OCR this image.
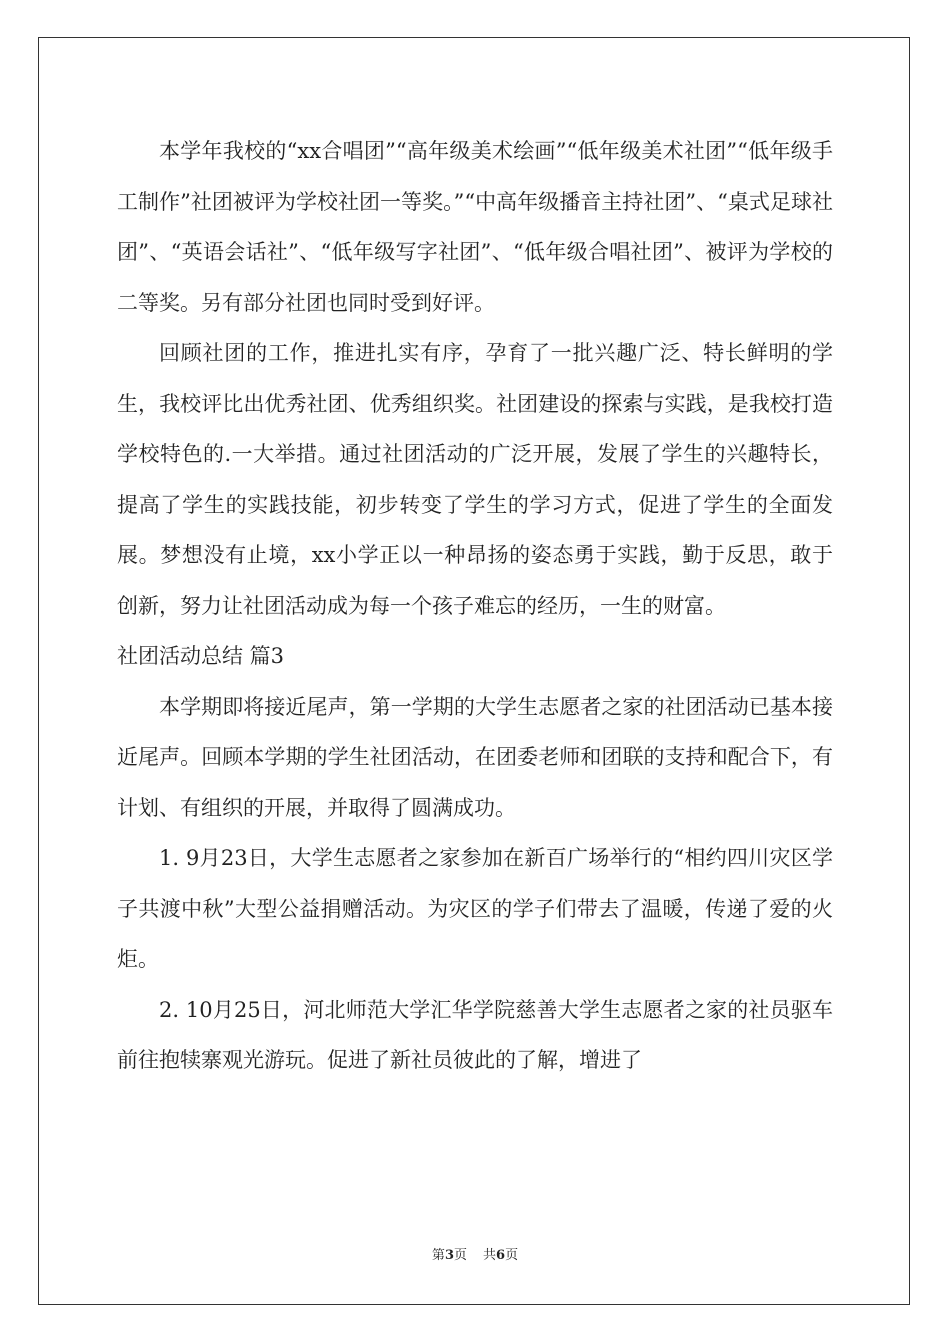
本学年我校的“xx合唱团”“高年级美术绘画”“低年级美术社团”“低年级手工制作”社团被评为学校社团一等奖。”“中高年级播音主持社团”、“桌式足球社团”、“英语会话社”、“低年级写字社团”、“低年级合唱社团”、被评为学校的二等奖。另有部分社团也同时受到好评。

回顾社团的工作，推进扎实有序，孕育了一批兴趣广泛、特长鲜明的学生，我校评比出优秀社团、优秀组织奖。社团建设的探索与实践，是我校打造学校特色的.一大举措。通过社团活动的广泛开展，发展了学生的兴趣特长，提高了学生的实践技能，初步转变了学生的学习方式，促进了学生的全面发展。梦想没有止境，xx小学正以一种昂扬的姿态勇于实践，勤于反思，敢于创新，努力让社团活动成为每一个孩子难忘的经历，一生的财富。

社团活动总结 篇3

本学期即将接近尾声，第一学期的大学生志愿者之家的社团活动已基本接近尾声。回顾本学期的学生社团活动，在团委老师和团联的支持和配合下，有计划、有组织的开展，并取得了圆满成功。

1. 9月23日，大学生志愿者之家参加在新百广场举行的“相约四川灾区学子共渡中秋”大型公益捐赠活动。为灾区的学子们带去了温暖，传递了爱的火炬。

2. 10月25日，河北师范大学汇华学院慈善大学生志愿者之家的社员驱车前往抱犊寨观光游玩。促进了新社员彼此的了解，增进了

第3页 共6页
